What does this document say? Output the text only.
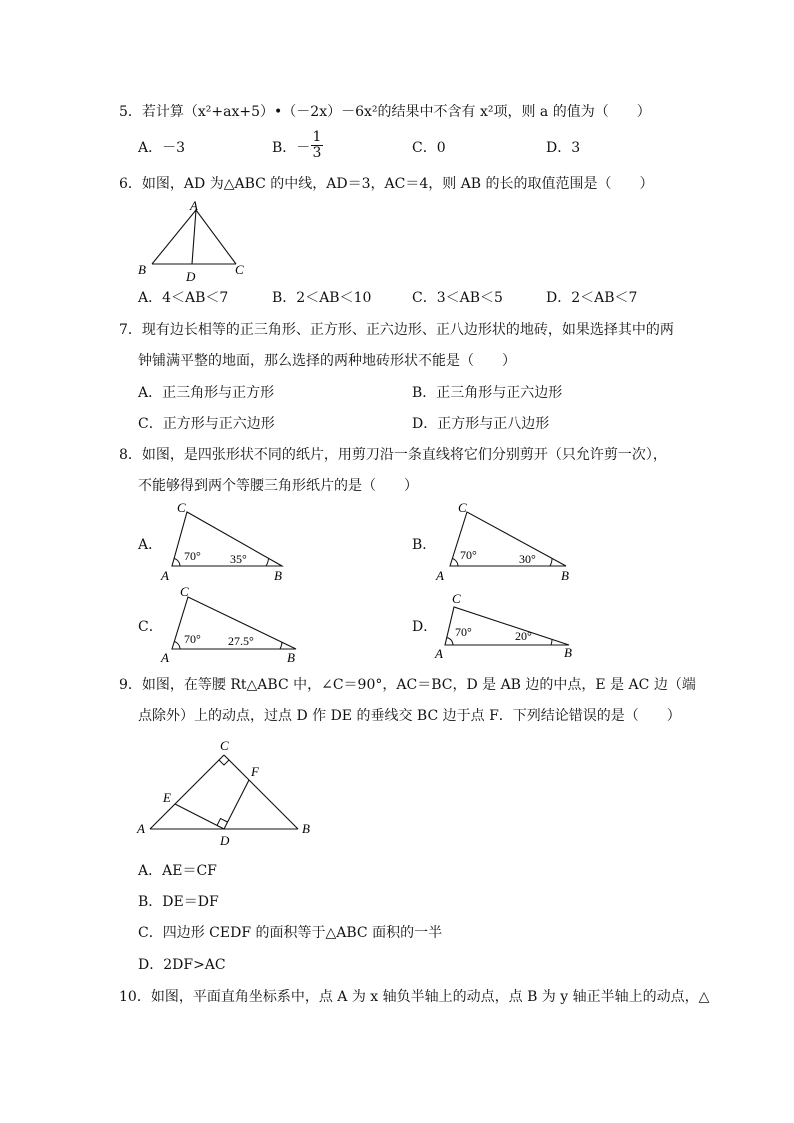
5．若计算（x²+ax+5）•（－2x）－6x²的结果中不含有 x²项，则 a 的值为（　　）
A．－3	B．－ $\frac{1}{3}$	C．0	D．3
6．如图，AD 为△ABC 的中线，AD＝3，AC＝4，则 AB 的长的取值范围是（　　）
A
B	C
D
A．4＜AB＜7	B．2＜AB＜10	C．3＜AB＜5	D．2＜AB＜7
7．现有边长相等的正三角形、正方形、正六边形、正八边形状的地砖，如果选择其中的两
钟铺满平整的地面，那么选择的两种地砖形状不能是（　　）
A．正三角形与正方形	B．正三角形与正六边形
C．正方形与正六边形	D．正方形与正八边形
8．如图，是四张形状不同的纸片，用剪刀沿一条直线将它们分别剪开（只允许剪一次），
不能够得到两个等腰三角形纸片的是（　　）
A．	B．
C．	D．
C
A	B
70° 35°
C
A	B
70°	30°
C
A	B
70° 27.5°
C
A	B
70°	20°
9．如图，在等腰 Rt△ABC 中，∠C＝90°，AC＝BC，D 是 AB 边的中点，E 是 AC 边（端
点除外）上的动点，过点 D 作 DE 的垂线交 BC 边于点 F．下列结论错误的是（　　）
C
A	B
D
E
F
A．AE＝CF
B．DE＝DF
C．四边形 CEDF 的面积等于△ABC 面积的一半
D．2DF>AC
10．如图，平面直角坐标系中，点 A 为 x 轴负半轴上的动点，点 B 为 y 轴正半轴上的动点，△
